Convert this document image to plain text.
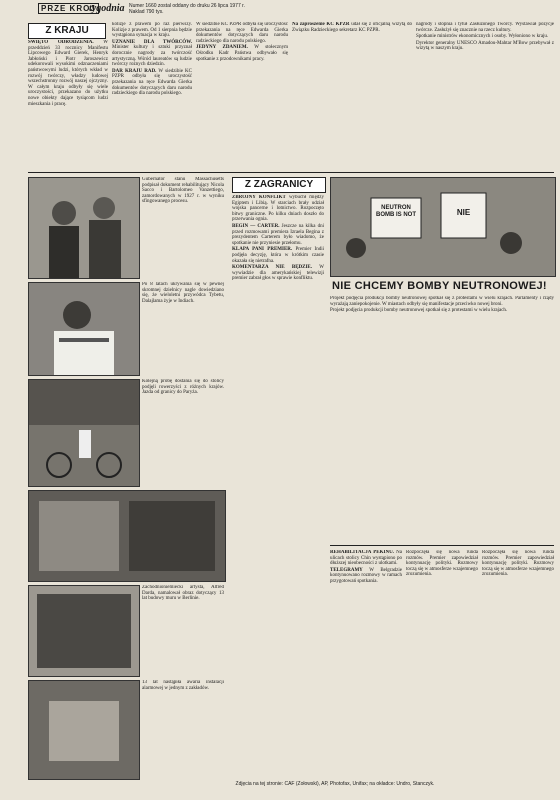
PRZE KROJ
tygodnia Numer 1660 zostal oddany do druku 26 lipca 1977 r. Naklad 790 tys.
Z KRAJU

ŚWIĘTO ODRODZENIA. W przeddzień 33 rocznicy Manifestu Lipcowego Edward Gierek, Henryk Jabłoński i Piotr Jaroszewicz udekorowali wysokimi odznaczeniami państwowymi ludzi, których wkład w rozwój twórczy, władzy ludowej wszechstronny rozwój naszej ojczyzny. W całym kraju odbyły się wiele uroczystości, przekazano do użytku nowe obiekty dające tysiącom ludzi mieszkania i pracę.

kolizje z prawem po raz pierwszy. Kolizje z prawem. Od 1 sierpnia będzie wystąpiona sytuacja w kraju.

UZNANIE DLA TWÓRCÓW. Minister kultury i sztuki przyznał dorocznie nagrody za twórczość artystyczną. Wśród laureatów są ludzie twórczy rożnych dziedzin.

DAR KRAJU RAD. W siedzibie KC PZPR odbyła się uroczystość przekazania na ręce Edwarda Gierka dokumentów dotyczących daru narodu radzieckiego dla narodu polskiego.

W siedzibie KC PZPR odbyła się uroczystość przekazania na ręce Edwarda Gierka dokumentów dotyczących daru narodu radzieckiego dla narodu polskiego.

JEDYNY ZDANIEM. W stołecznym Ośrodku Kadr Państwa odbywało się spotkanie z przodownikami pracy.

Na zaproszenie KC KPZR udał się z oficjalną wizytą do Związku Radzieckiego sekretarz KC PZPR.

nagrody i stopnia i tytuł Zasłużonego Twórcy. Wystawiał pozycje twórcze. Zasłużył się znacznie na rzecz kultury.

Spotkanie ministrów ekonomicznych i osoby. Wyłoniono w kraju.

Dyrektor generalny UNESCO Amadou-Mahtar M'Bow przebywał z wizytą w naszym kraju.

Gubernator stanu Massachusetts podpisał dokument rehabilitujący Nicola Sacco i Bartolomeo Vanzettiego, zamordowanych w 1927 r. w wyniku sfingowanego procesu.
Po 8 latach ukrywania się w pewnej skromnej dzielnicy nagle dowiedziano się, że wieloletni przywódca Tybetu, Dalajlama żyje w Indiach.
Kolejną próbę dostania się do stolicy podjęli rowerzyści z różnych krajów. Jazda od granicy do Paryża.
Zachodnioniemiecki artysta, Alfred Darda, namalował obraz dotyczący 13 lat budowy muru w Berlinie.
13 lat nastąpiła awaria instalacji alarmowej w jednym z zakładów.
Z ZAGRANICY

ZBROJNY KONFLIKT wybuchł między Egiptem i Libią. W starciach brały udział wojska pancerne i lotnictwo. Rozpoczęto bitwy graniczne. Po kilku dniach doszło do przerwania ognia.

BEGIN — CARTER. Jeszcze na kilka dni przed rozmowami premiera Izraela Begina z prezydentem Carterem było wiadomo, że spotkanie nie przyniesie przełomu.

KLAPA PANI PREMIER. Premier Indii podjęła decyzję, która w krótkim czasie okazała się nietrafna.

KOMENTARZA NIE BĘDZIE. W wywiadzie dla amerykańskiej telewizji premier zabrał głos w sprawie konfliktu.

NEUTRON BOMB IS NOT	NIE
NIE CHCEMY BOMBY NEUTRONOWEJ!

Projekt podjęcia produkcji bomby neutronowej spotkał się z protestami w wielu krajach. Parlamenty i rządy wyrażają zaniepokojenie. W miastach odbyły się manifestacje przeciwko nowej broni.

Projekt podjęcia produkcji bomby neutronowej spotkał się z protestami w wielu krajach.

REHABILITACJA PEKINU. Na ulicach stolicy Chin wystąpiono po dłuższej nieobecności z ulotkami.

TELEGRAMY W Belgradzie kontynuowano rozmowy w ramach przygotowań spotkania.

Rozpoczęła się nowa runda rozmów. Premier zapowiedział kontynuację polityki. Rozmowy toczą się w atmosferze wzajemnego zrozumienia.

Rozpoczęła się nowa runda rozmów. Premier zapowiedział kontynuację polityki. Rozmowy toczą się w atmosferze wzajemnego zrozumienia.

Zdjęcia na tej stronie: CAF (Zołowski), AP, Photofax, Unifax; na okładce: Undro, Stanczyk.
